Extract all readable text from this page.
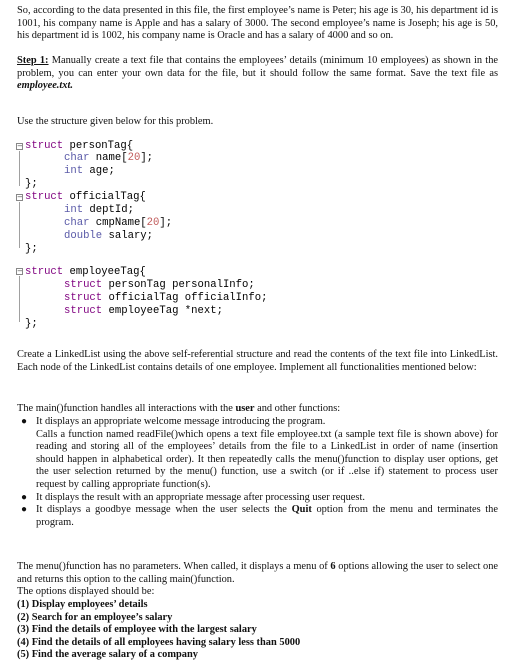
So, according to the data presented in this file, the first employee’s name is Peter; his age is 30, his department id is 1001, his company name is Apple and has a salary of 3000. The second employee’s name is Joseph; his age is 50, his department id is 1002, his company name is Oracle and has a salary of 4000 and so on.

Step 1: Manually create a text file that contains the employees’ details (minimum 10 employees) as shown in the problem, you can enter your own data for the file, but it should follow the same format. Save the text file as employee.txt.

Use the structure given below for this problem.

−
−
−
struct personTag{
char name[20];
int age;
};
struct officialTag{
int deptId;
char cmpName[20];
double salary;
};
struct employeeTag{
struct personTag personalInfo;
struct officialTag officialInfo;
struct employeeTag *next;
};

Create a LinkedList using the above self-referential structure and read the contents of the text file into LinkedList. Each node of the LinkedList contains details of one employee. Implement all functionalities mentioned below:

The main()function handles all interactions with the user and other functions:

● It displays an appropriate welcome message introducing the program.
Calls a function named readFile()which opens a text file employee.txt (a sample text file is shown above) for reading and storing all of the employees’ details from the file to a LinkedList in order of name (insertion should happen in alphabetical order). It then repeatedly calls the menu()function to display user options, get the user selection returned by the menu() function, use a switch (or if ..else if) statement to process user request by calling appropriate function(s).
● It displays the result with an appropriate message after processing user request.
● It displays a goodbye message when the user selects the Quit option from the menu and terminates the program.

The menu()function has no parameters. When called, it displays a menu of 6 options allowing the user to select one and returns this option to the calling main()function.

The options displayed should be:

(1) Display employees’ details
(2) Search for an employee’s salary
(3) Find the details of employee with the largest salary
(4) Find the details of all employees having salary less than 5000
(5) Find the average salary of a company
